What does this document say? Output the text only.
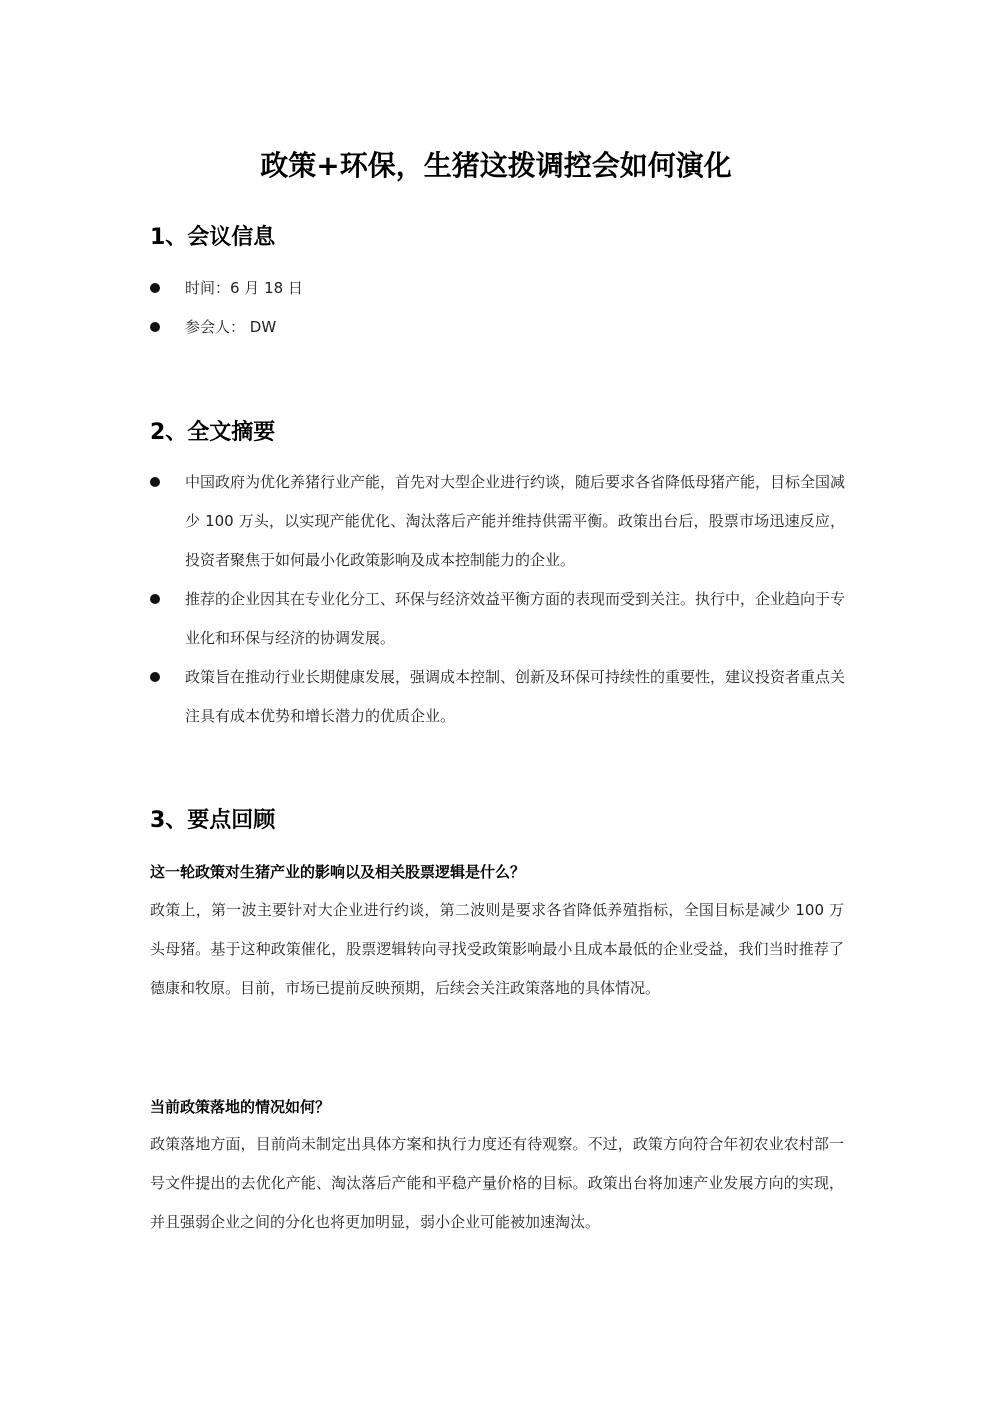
政策+环保，生猪这拨调控会如何演化
1、会议信息

时间：6 月 18 日

参会人： DW

2、全文摘要

中国政府为优化养猪行业产能，首先对大型企业进行约谈，随后要求各省降低母猪产能，目标全国减少 100 万头，以实现产能优化、淘汰落后产能并维持供需平衡。政策出台后，股票市场迅速反应，投资者聚焦于如何最小化政策影响及成本控制能力的企业。

推荐的企业因其在专业化分工、环保与经济效益平衡方面的表现而受到关注。执行中，企业趋向于专业化和环保与经济的协调发展。

政策旨在推动行业长期健康发展，强调成本控制、创新及环保可持续性的重要性，建议投资者重点关注具有成本优势和增长潜力的优质企业。

3、要点回顾

这一轮政策对生猪产业的影响以及相关股票逻辑是什么？

政策上，第一波主要针对大企业进行约谈，第二波则是要求各省降低养殖指标，全国目标是减少 100 万头母猪。基于这种政策催化，股票逻辑转向寻找受政策影响最小且成本最低的企业受益，我们当时推荐了德康和牧原。目前，市场已提前反映预期，后续会关注政策落地的具体情况。

当前政策落地的情况如何？

政策落地方面，目前尚未制定出具体方案和执行力度还有待观察。不过，政策方向符合年初农业农村部一号文件提出的去优化产能、淘汰落后产能和平稳产量价格的目标。政策出台将加速产业发展方向的实现，并且强弱企业之间的分化也将更加明显，弱小企业可能被加速淘汰。
